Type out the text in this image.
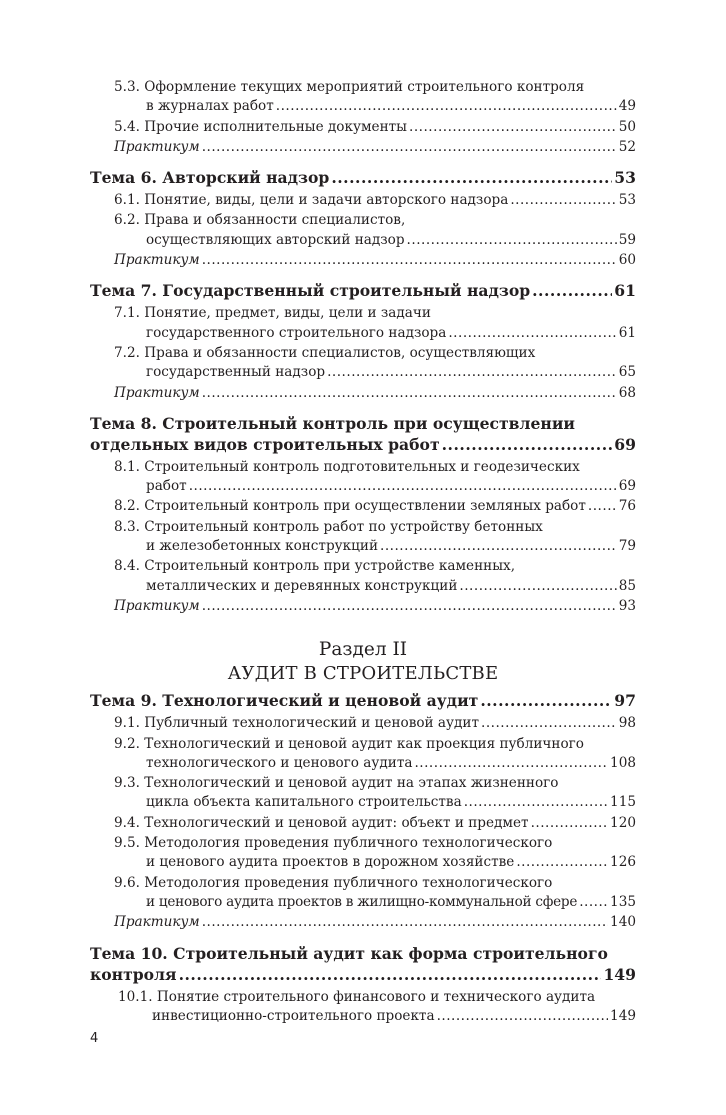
5.3. Оформление текущих мероприятий строительного контроля
в журналах работ .....	49
5.4. Прочие исполнительные документы .....	50
Практикум .....	52
Тема 6. Авторский надзор .....	53
6.1. Понятие, виды, цели и задачи авторского надзора .....	53
6.2. Права и обязанности специалистов,
осуществляющих авторский надзор .....	59
Практикум .....	60
Тема 7. Государственный строительный надзор .....	61
7.1. Понятие, предмет, виды, цели и задачи
государственного строительного надзора .....	61
7.2. Права и обязанности специалистов, осуществляющих
государственный надзор .....	65
Практикум .....	68
Тема 8. Строительный контроль при осуществлении
отдельных видов строительных работ .....	69
8.1. Строительный контроль подготовительных и геодезических
работ .....	69
8.2. Строительный контроль при осуществлении земляных работ ..... 76
8.3. Строительный контроль работ по устройству бетонных
и железобетонных конструкций .....	79
8.4. Строительный контроль при устройстве каменных,
металлических и деревянных конструкций .....	85
Практикум .....	93
Раздел II
АУДИТ В СТРОИТЕЛЬСТВЕ
Тема 9. Технологический и ценовой аудит .....	97
9.1. Публичный технологический и ценовой аудит .....	98
9.2. Технологический и ценовой аудит как проекция публичного
технологического и ценового аудита .....	108
9.3. Технологический и ценовой аудит на этапах жизненного
цикла объекта капитального строительства .....	115
9.4. Технологический и ценовой аудит: объект и предмет .....	120
9.5. Методология проведения публичного технологического
и ценового аудита проектов в дорожном хозяйстве .....	126
9.6. Методология проведения публичного технологического
и ценового аудита проектов в жилищно-коммунальной сфере ..... 135
Практикум .....	140
Тема 10. Строительный аудит как форма строительного
контроля .....	149
10.1. Понятие строительного финансового и технического аудита
инвестиционно-строительного проекта .....	149
4
